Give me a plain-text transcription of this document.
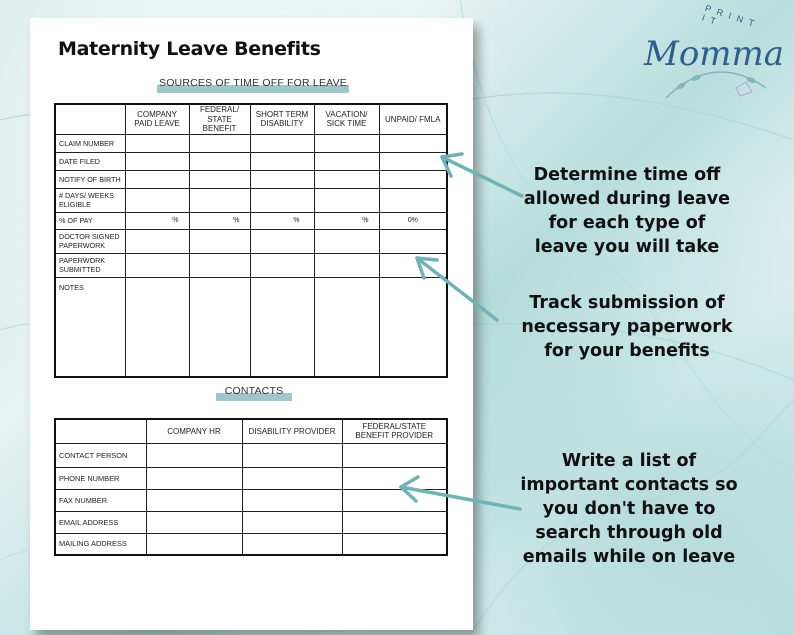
PRINT IT
Momma
Maternity Leave Benefits
SOURCES OF TIME OFF FOR LEAVE
	COMPANY PAID LEAVE	FEDERAL/ STATE BENEFIT	SHORT TERM DISABILITY	VACATION/ SICK TIME	UNPAID/ FMLA
CLAIM NUMBER					
DATE FILED					
NOTIFY OF BIRTH					
# DAYS/ WEEKS ELIGIBLE					
% OF PAY	%	%	%	%	0%
DOCTOR SIGNED PAPERWORK					
PAPERWORK SUBMITTED					
NOTES					
CONTACTS
	COMPANY HR	DISABILITY PROVIDER	FEDERAL/STATE BENEFIT PROVIDER
CONTACT PERSON			
PHONE NUMBER			
FAX NUMBER			
EMAIL ADDRESS			
MAILING ADDRESS			
Determine time off allowed during leave for each type of leave you will take
Track submission of necessary paperwork for your benefits
Write a list of important contacts so you don't have to search through old emails while on leave
